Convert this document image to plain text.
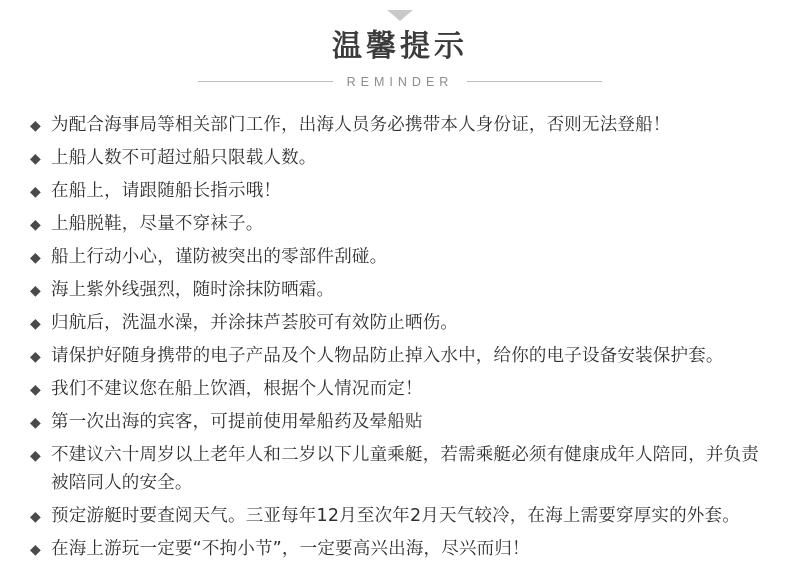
温馨提示
REMINDER
◆ 为配合海事局等相关部门工作，出海人员务必携带本人身份证，否则无法登船！
◆ 上船人数不可超过船只限载人数。
◆ 在船上，请跟随船长指示哦！
◆ 上船脱鞋，尽量不穿袜子。
◆ 船上行动小心，谨防被突出的零部件刮碰。
◆ 海上紫外线强烈，随时涂抹防晒霜。
◆ 归航后，洗温水澡，并涂抹芦荟胶可有效防止晒伤。
◆ 请保护好随身携带的电子产品及个人物品防止掉入水中，给你的电子设备安装保护套。
◆ 我们不建议您在船上饮酒，根据个人情况而定！
◆ 第一次出海的宾客，可提前使用晕船药及晕船贴
◆ 不建议六十周岁以上老年人和二岁以下儿童乘艇，若需乘艇必须有健康成年人陪同，并负责被陪同人的安全。
◆ 预定游艇时要查阅天气。三亚每年12月至次年2月天气较冷，在海上需要穿厚实的外套。
◆ 在海上游玩一定要“不拘小节”，一定要高兴出海，尽兴而归！
